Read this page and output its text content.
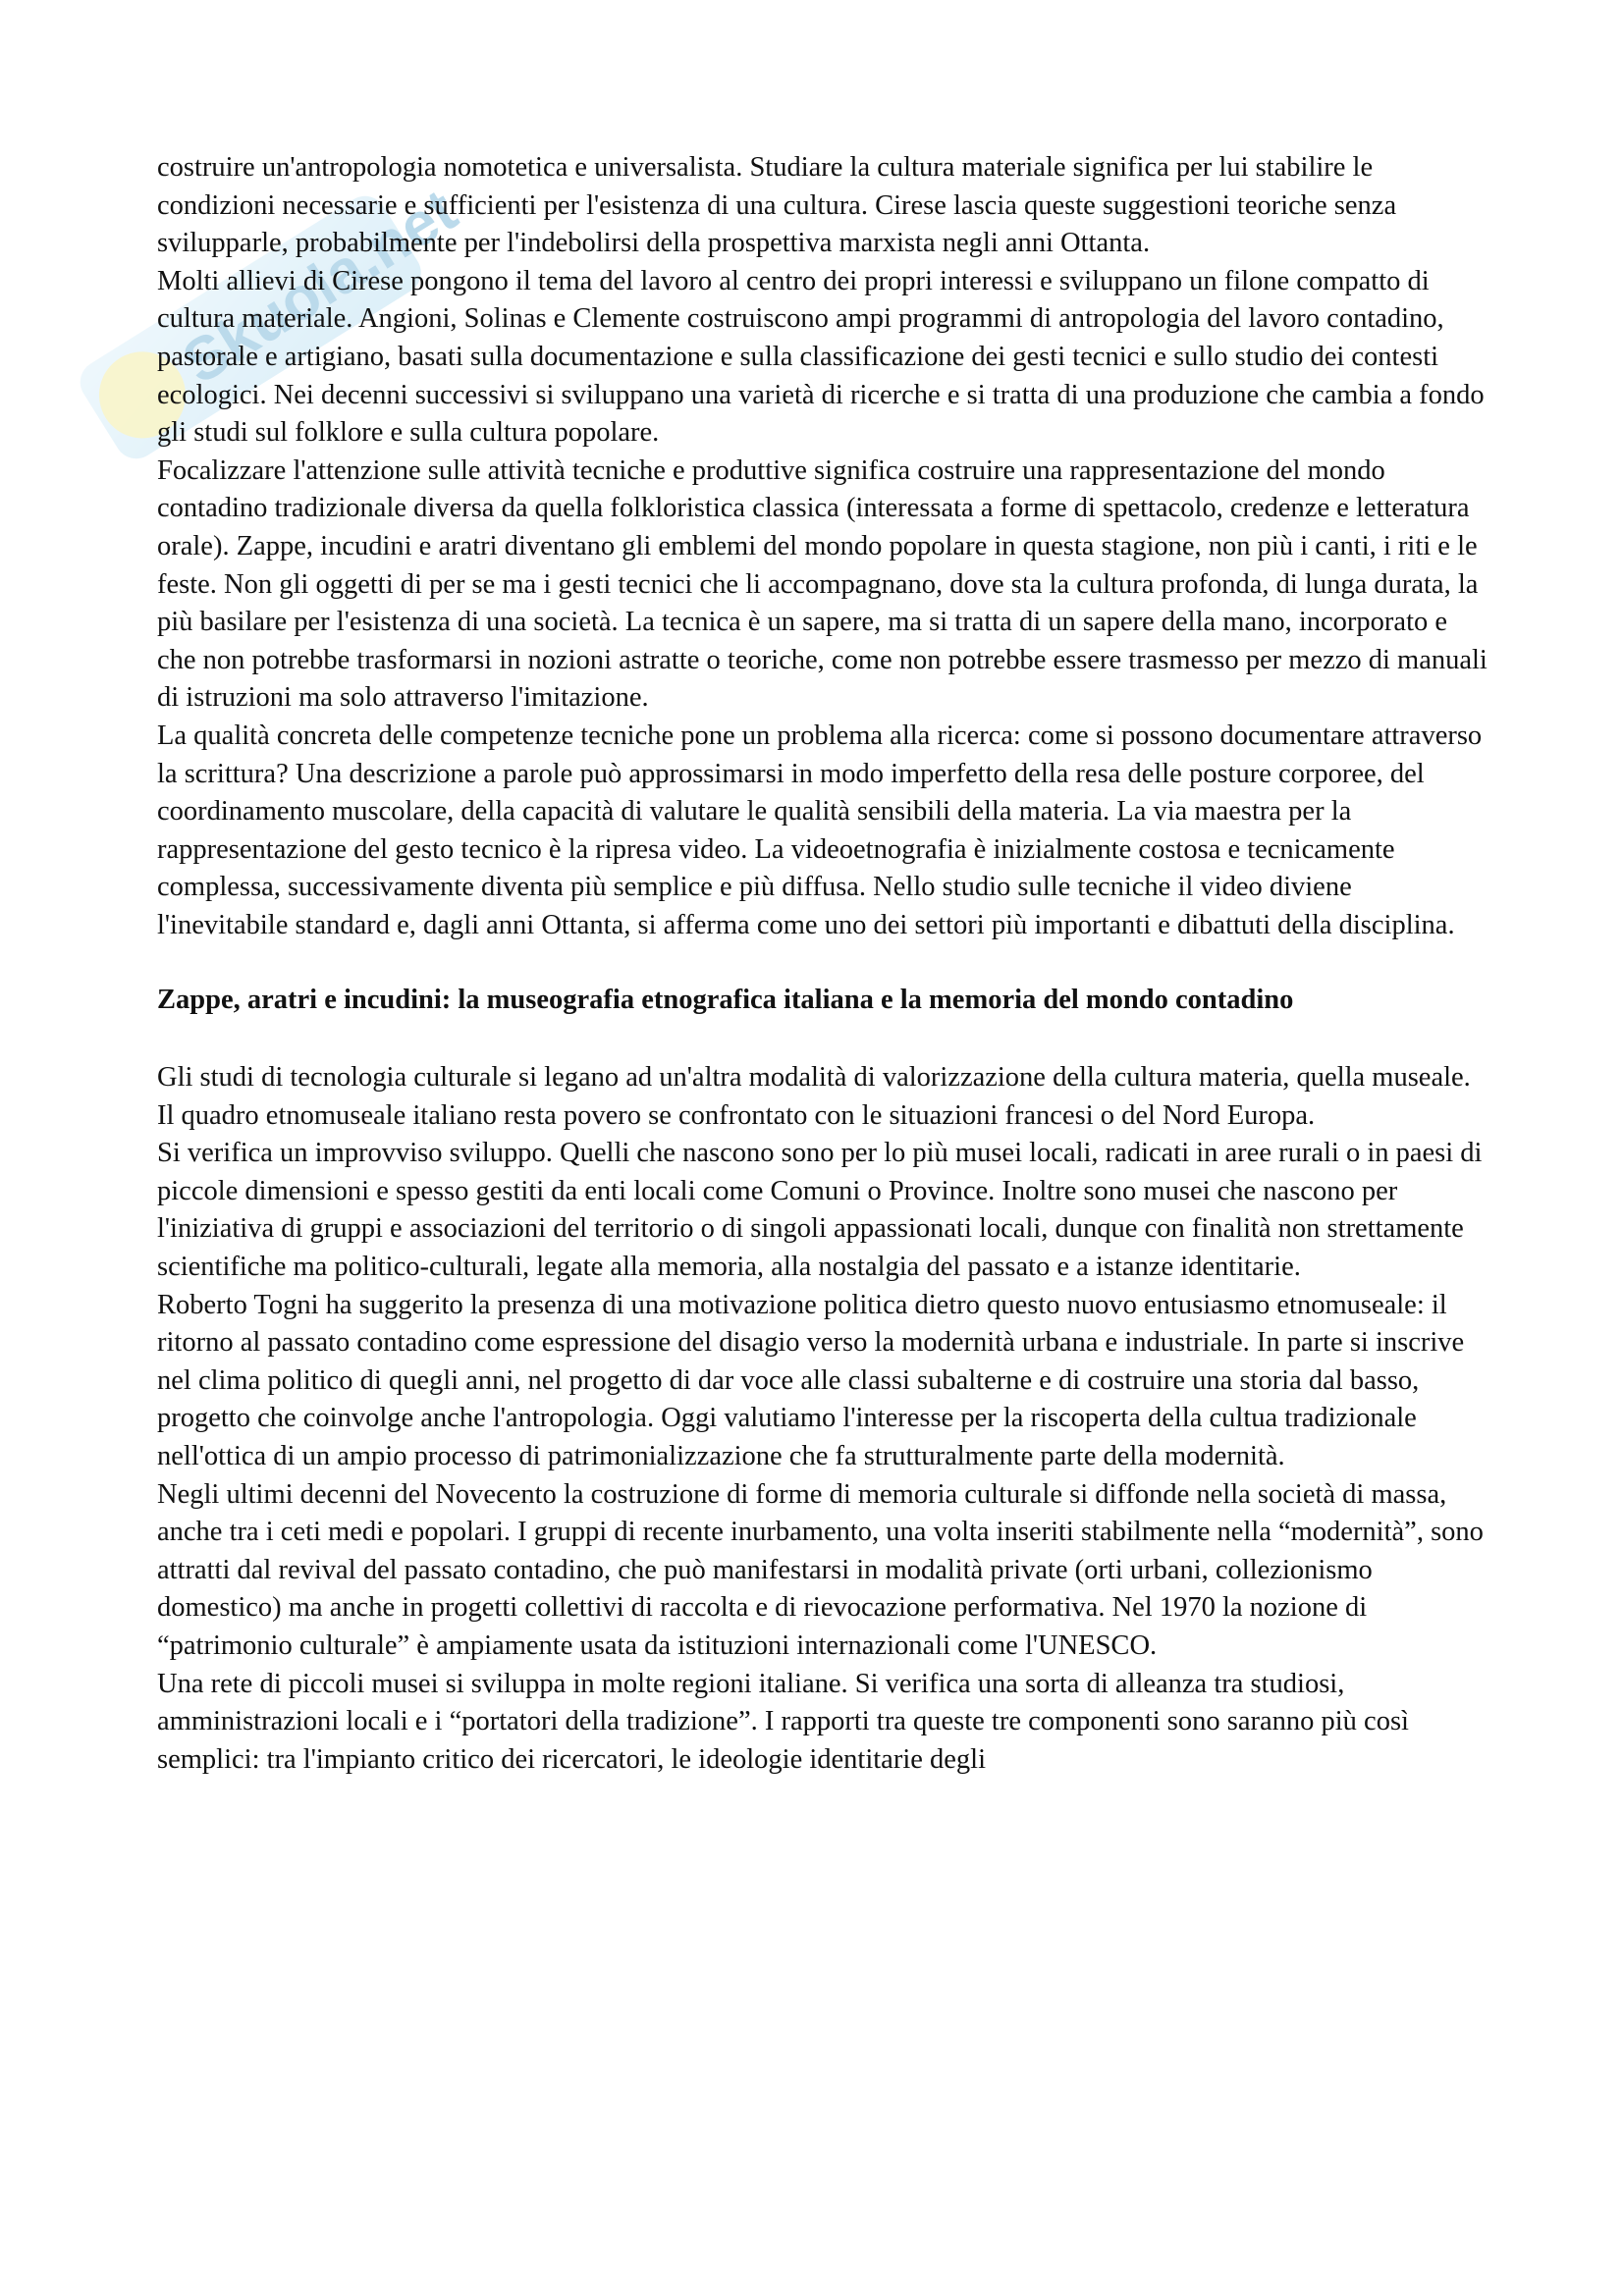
Skuola.net

costruire un'antropologia nomotetica e universalista. Studiare la cultura materiale significa per lui stabilire le condizioni necessarie e sufficienti per l'esistenza di una cultura. Cirese lascia queste suggestioni teoriche senza svilupparle, probabilmente per l'indebolirsi della prospettiva marxista negli anni Ottanta.

Molti allievi di Cirese pongono il tema del lavoro al centro dei propri interessi e sviluppano un filone compatto di cultura materiale. Angioni, Solinas e Clemente costruiscono ampi programmi di antropologia del lavoro contadino, pastorale e artigiano, basati sulla documentazione e sulla classificazione dei gesti tecnici e sullo studio dei contesti ecologici. Nei decenni successivi si sviluppano una varietà di ricerche e si tratta di una produzione che cambia a fondo gli studi sul folklore e sulla cultura popolare.

Focalizzare l'attenzione sulle attività tecniche e produttive significa costruire una rappresentazione del mondo contadino tradizionale diversa da quella folkloristica classica (interessata a forme di spettacolo, credenze e letteratura orale). Zappe, incudini e aratri diventano gli emblemi del mondo popolare in questa stagione, non più i canti, i riti e le feste. Non gli oggetti di per se ma i gesti tecnici che li accompagnano, dove sta la cultura profonda, di lunga durata, la più basilare per l'esistenza di una società. La tecnica è un sapere, ma si tratta di un sapere della mano, incorporato e che non potrebbe trasformarsi in nozioni astratte o teoriche, come non potrebbe essere trasmesso per mezzo di manuali di istruzioni ma solo attraverso l'imitazione.

La qualità concreta delle competenze tecniche pone un problema alla ricerca: come si possono documentare attraverso la scrittura? Una descrizione a parole può approssimarsi in modo imperfetto della resa delle posture corporee, del coordinamento muscolare, della capacità di valutare le qualità sensibili della materia. La via maestra per la rappresentazione del gesto tecnico è la ripresa video. La videoetnografia è inizialmente costosa e tecnicamente complessa, successivamente diventa più semplice e più diffusa. Nello studio sulle tecniche il video diviene l'inevitabile standard e, dagli anni Ottanta, si afferma come uno dei settori più importanti e dibattuti della disciplina.

Zappe, aratri e incudini: la museografia etnografica italiana e la memoria del mondo contadino

Gli studi di tecnologia culturale si legano ad un'altra modalità di valorizzazione della cultura materia, quella museale. Il quadro etnomuseale italiano resta povero se confrontato con le situazioni francesi o del Nord Europa.

Si verifica un improvviso sviluppo. Quelli che nascono sono per lo più musei locali, radicati in aree rurali o in paesi di piccole dimensioni e spesso gestiti da enti locali come Comuni o Province. Inoltre sono musei che nascono per l'iniziativa di gruppi e associazioni del territorio o di singoli appassionati locali, dunque con finalità non strettamente scientifiche ma politico-culturali, legate alla memoria, alla nostalgia del passato e a istanze identitarie.

Roberto Togni ha suggerito la presenza di una motivazione politica dietro questo nuovo entusiasmo etnomuseale: il ritorno al passato contadino come espressione del disagio verso la modernità urbana e industriale. In parte si inscrive nel clima politico di quegli anni, nel progetto di dar voce alle classi subalterne e di costruire una storia dal basso, progetto che coinvolge anche l'antropologia. Oggi valutiamo l'interesse per la riscoperta della cultua tradizionale nell'ottica di un ampio processo di patrimonializzazione che fa strutturalmente parte della modernità.

Negli ultimi decenni del Novecento la costruzione di forme di memoria culturale si diffonde nella società di massa, anche tra i ceti medi e popolari. I gruppi di recente inurbamento, una volta inseriti stabilmente nella “modernità”, sono attratti dal revival del passato contadino, che può manifestarsi in modalità private (orti urbani, collezionismo domestico) ma anche in progetti collettivi di raccolta e di rievocazione performativa. Nel 1970 la nozione di “patrimonio culturale” è ampiamente usata da istituzioni internazionali come l'UNESCO.

Una rete di piccoli musei si sviluppa in molte regioni italiane. Si verifica una sorta di alleanza tra studiosi, amministrazioni locali e i “portatori della tradizione”. I rapporti tra queste tre componenti sono saranno più così semplici: tra l'impianto critico dei ricercatori, le ideologie identitarie degli
